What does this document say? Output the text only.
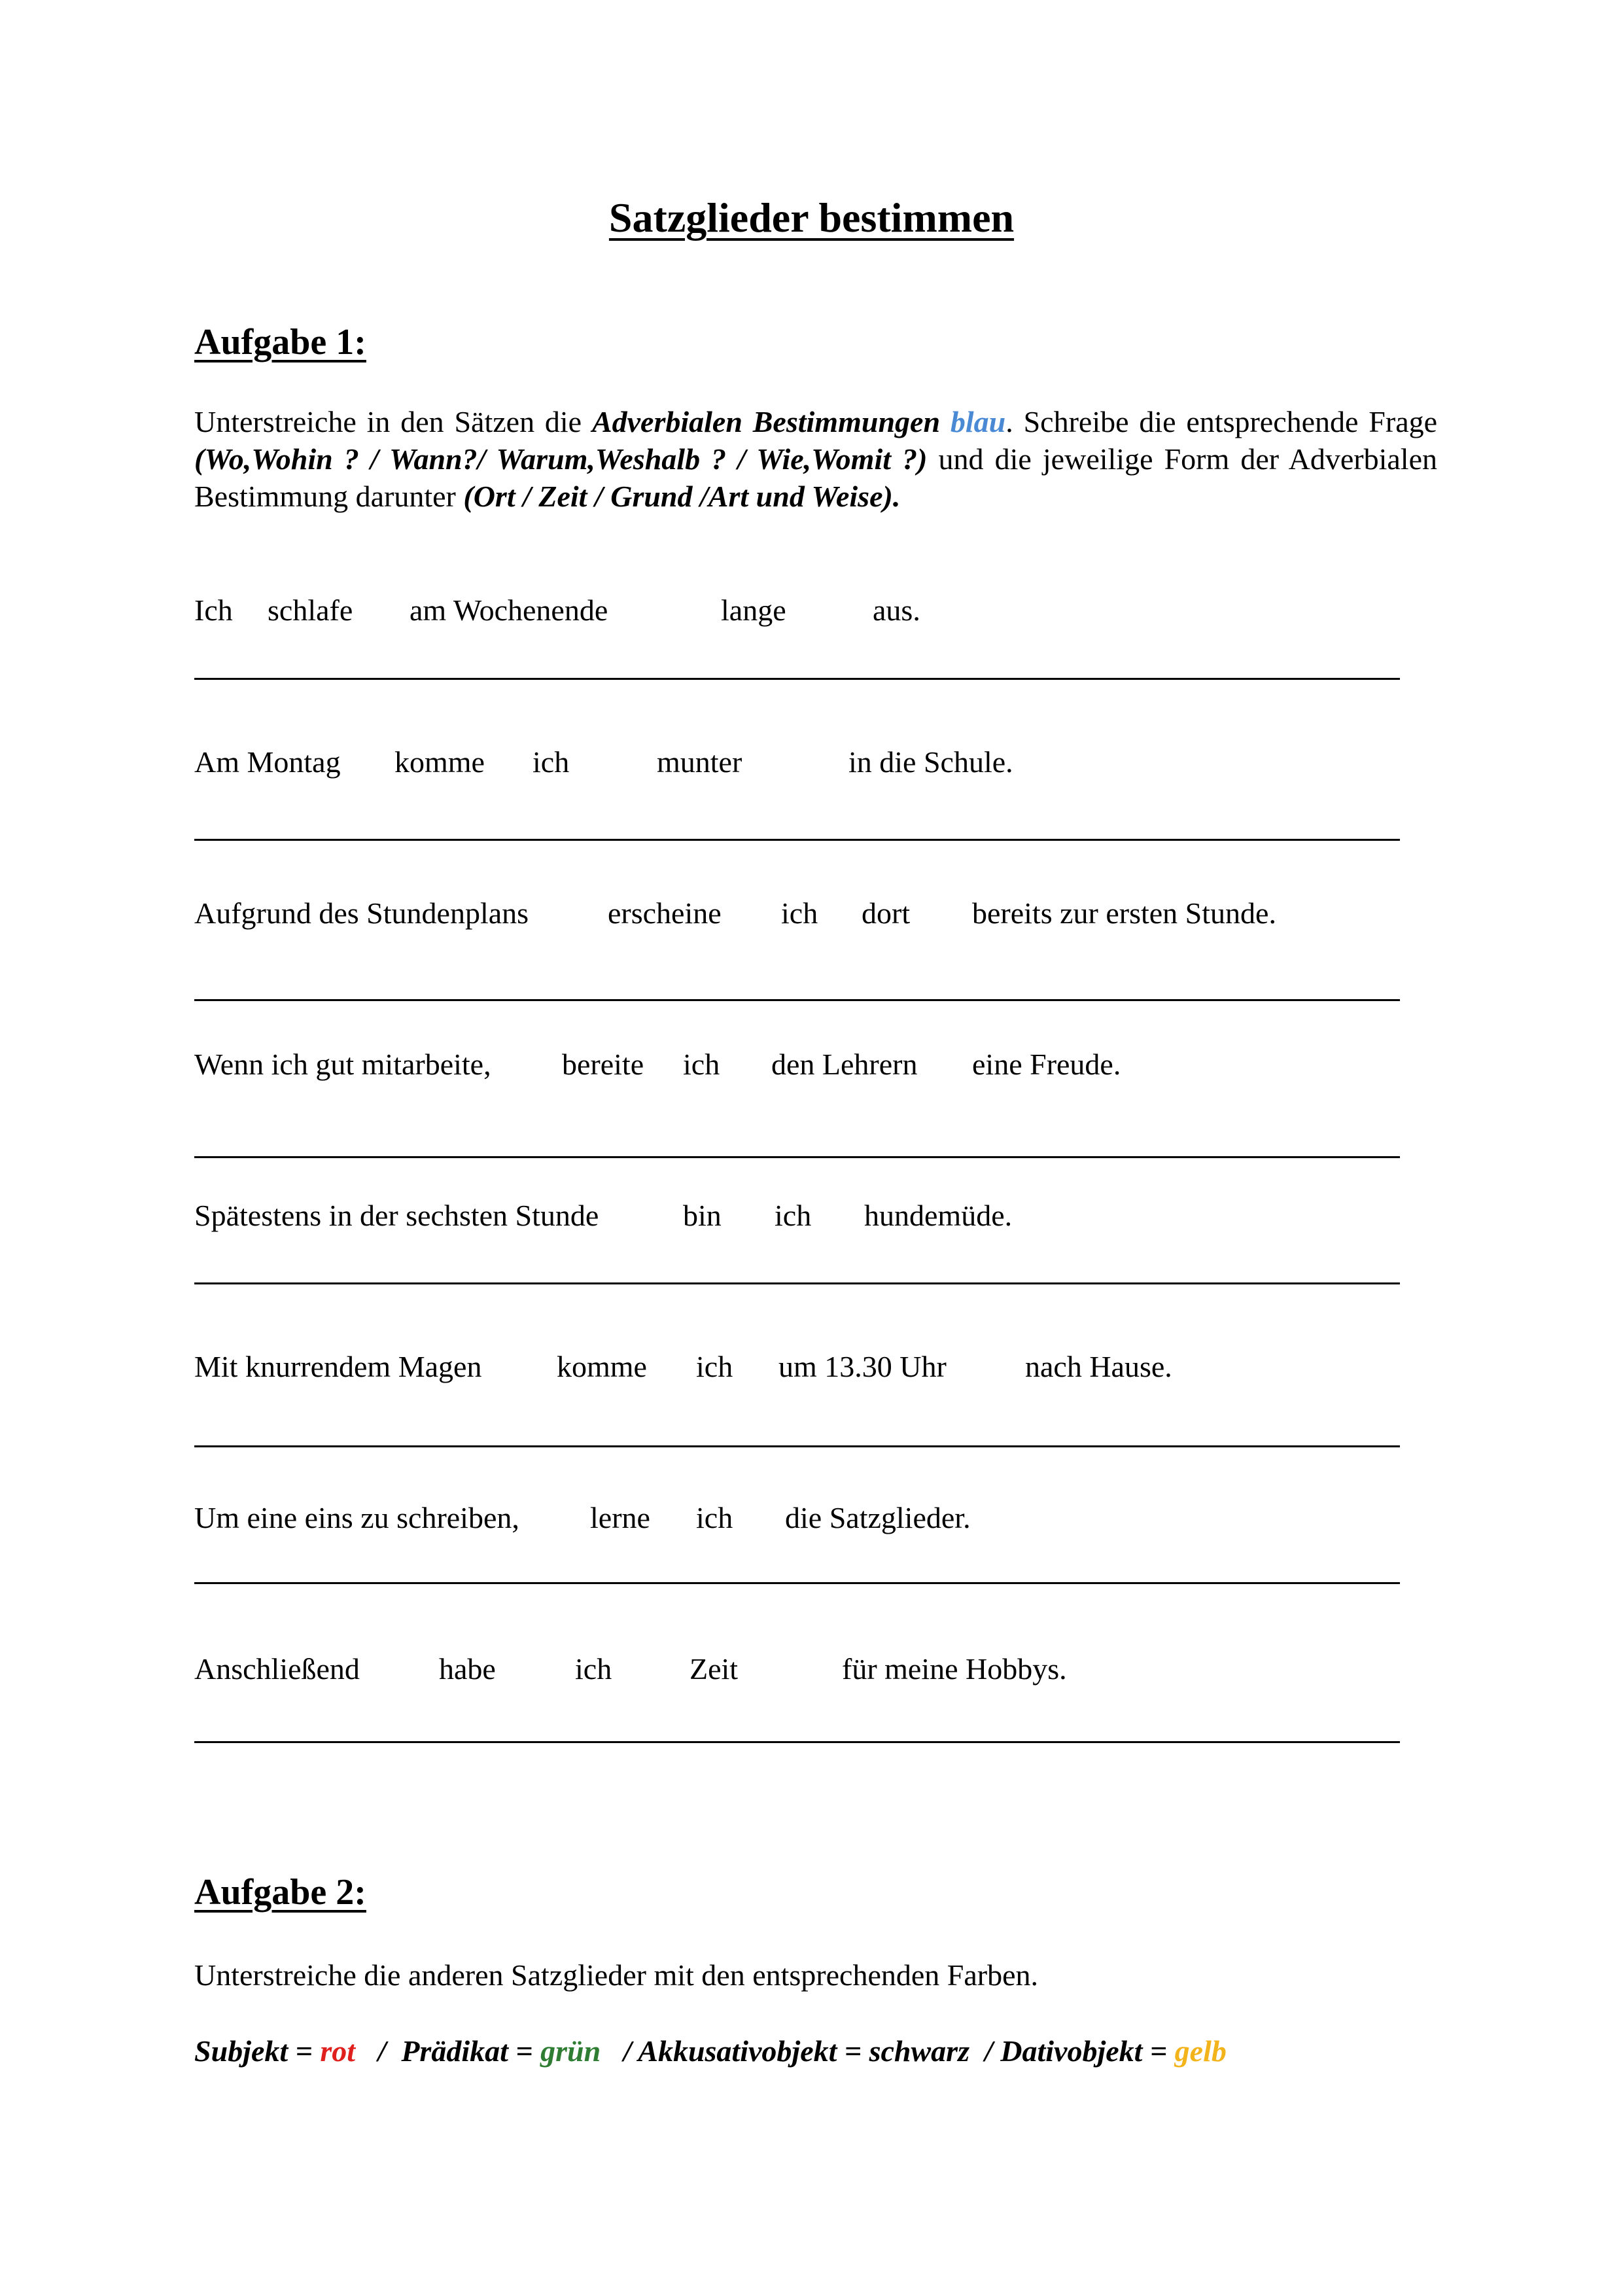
Satzglieder bestimmen
Aufgabe 1:

Unterstreiche in den Sätzen die Adverbialen Bestimmungen blau. Schreibe die entsprechende Frage (Wo,Wohin ? / Wann?/ Warum,Weshalb ? / Wie,Womit ?) und die jeweilige Form der Adverbialen Bestimmung darunter (Ort / Zeit / Grund /Art und Weise).

Ich schlafe am Wochenende	lange	aus.
Am Montag komme ich	munter	in die Schule.
Aufgrund des Stundenplans	erscheine ich dort bereits zur ersten Stunde.
Wenn ich gut mitarbeite, bereite ich den Lehrern eine Freude.
Spätestens in der sechsten Stunde	bin ich hundemüde.
Mit knurrendem Magen komme ich um 13.30 Uhr	nach Hause.
Um eine eins zu schreiben, lerne ich die Satzglieder.
Anschließend	habe	ich	Zeit	für meine Hobbys.
Aufgabe 2:

Unterstreiche die anderen Satzglieder mit den entsprechenden Farben.

Subjekt = rot   /  Prädikat = grün   / Akkusativobjekt = schwarz  / Dativobjekt = gelb
